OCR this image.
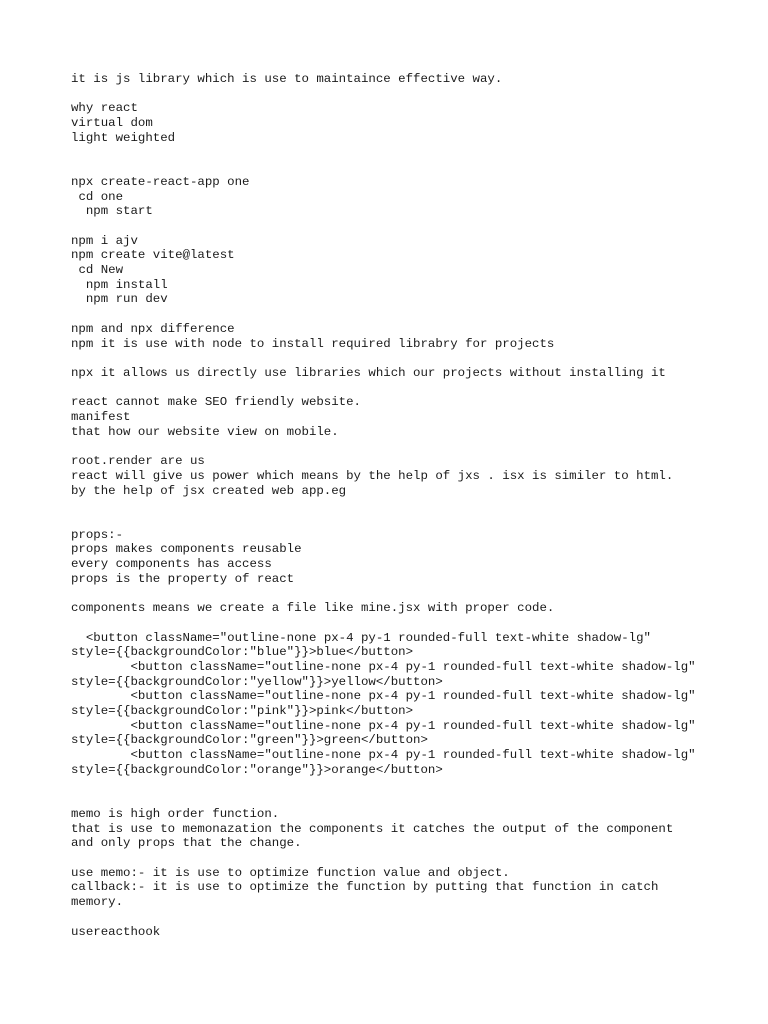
it is js library which is use to maintaince effective way.
why react
virtual dom
light weighted
npx create-react-app one
cd one
npm start
npm i ajv
npm create vite@latest
cd New
npm install
npm run dev
npm and npx difference
npm it is use with node to install required librabry for projects
npx it allows us directly use libraries which our projects without installing it
react cannot make SEO friendly website.
manifest
that how our website view on mobile.
root.render are us
react will give us power which means by the help of jxs . isx is similer to html.
by the help of jsx created web app.eg
props:-
props makes components reusable
every components has access
props is the property of react
components means we create a file like mine.jsx with proper code.
<button className="outline-none px-4 py-1 rounded-full text-white shadow-lg" style={{backgroundColor:"blue"}}>blue</button>
<button className="outline-none px-4 py-1 rounded-full text-white shadow-lg" style={{backgroundColor:"yellow"}}>yellow</button>
<button className="outline-none px-4 py-1 rounded-full text-white shadow-lg" style={{backgroundColor:"pink"}}>pink</button>
<button className="outline-none px-4 py-1 rounded-full text-white shadow-lg" style={{backgroundColor:"green"}}>green</button>
<button className="outline-none px-4 py-1 rounded-full text-white shadow-lg" style={{backgroundColor:"orange"}}>orange</button>
memo is high order function.
that is use to memonazation the components it catches the output of the component and only props that the change.
use memo:- it is use to optimize function value and object.
callback:- it is use to optimize the function by putting that function in catch memory.
usereacthook
